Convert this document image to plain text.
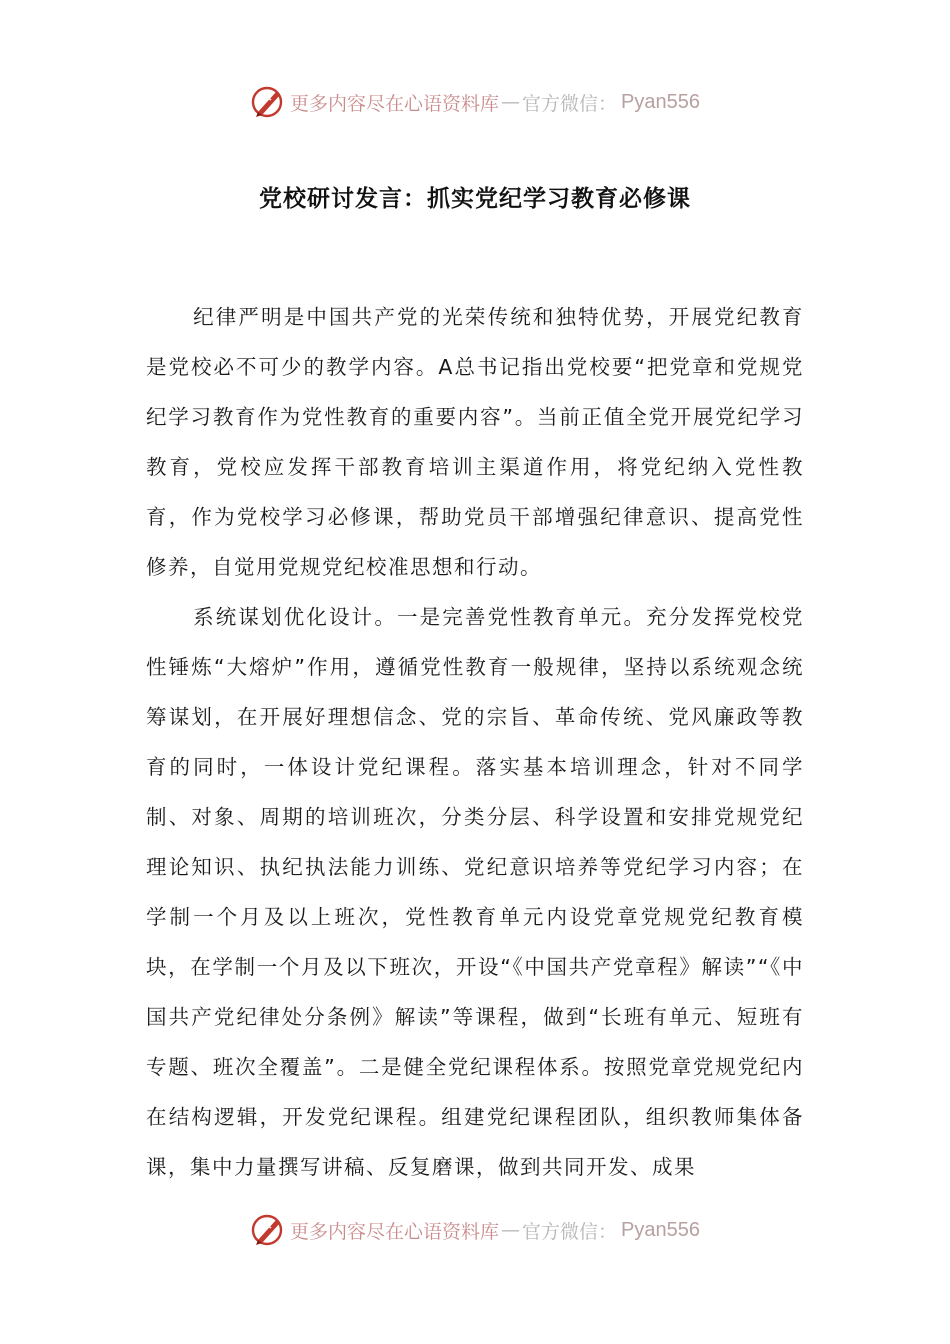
更多内容尽在心语资料库 — 官方微信： Pyan556
党校研讨发言：抓实党纪学习教育必修课

纪律严明是中国共产党的光荣传统和独特优势，开展党纪教育是党校必不可少的教学内容。A总书记指出党校要“把党章和党规党纪学习教育作为党性教育的重要内容”。当前正值全党开展党纪学习教育，党校应发挥干部教育培训主渠道作用，将党纪纳入党性教育，作为党校学习必修课，帮助党员干部增强纪律意识、提高党性修养，自觉用党规党纪校准思想和行动。

系统谋划优化设计。一是完善党性教育单元。充分发挥党校党性锤炼“大熔炉”作用，遵循党性教育一般规律，坚持以系统观念统筹谋划，在开展好理想信念、党的宗旨、革命传统、党风廉政等教育的同时，一体设计党纪课程。落实基本培训理念，针对不同学制、对象、周期的培训班次，分类分层、科学设置和安排党规党纪理论知识、执纪执法能力训练、党纪意识培养等党纪学习内容；在学制一个月及以上班次，党性教育单元内设党章党规党纪教育模块，在学制一个月及以下班次，开设“《中国共产党章程》解读”“《中国共产党纪律处分条例》解读”等课程，做到“长班有单元、短班有专题、班次全覆盖”。二是健全党纪课程体系。按照党章党规党纪内在结构逻辑，开发党纪课程。组建党纪课程团队，组织教师集体备课，集中力量撰写讲稿、反复磨课，做到共同开发、成果

更多内容尽在心语资料库 — 官方微信： Pyan556
